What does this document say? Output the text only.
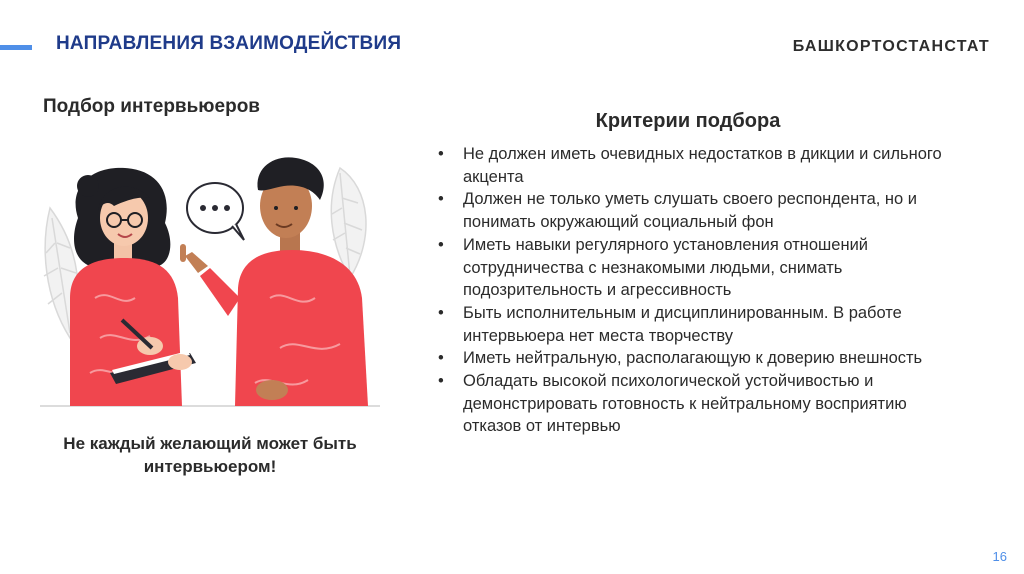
НАПРАВЛЕНИЯ ВЗАИМОДЕЙСТВИЯ	БАШКОРТОСТАНСТАТ
Подбор интервьюеров
Не каждый желающий может быть интервьюером!
Критерии подбора
• Не должен иметь очевидных недостатков в дикции и сильного акцента
• Должен не только уметь слушать своего респондента, но и понимать окружающий социальный фон
• Иметь навыки регулярного установления отношений сотрудничества с незнакомыми людьми, снимать подозрительность и агрессивность
• Быть исполнительным и дисциплинированным. В работе интервьюера нет места творчеству
• Иметь нейтральную, располагающую к доверию внешность
• Обладать высокой психологической устойчивостью и демонстрировать готовность к нейтральному восприятию отказов от интервью
16
